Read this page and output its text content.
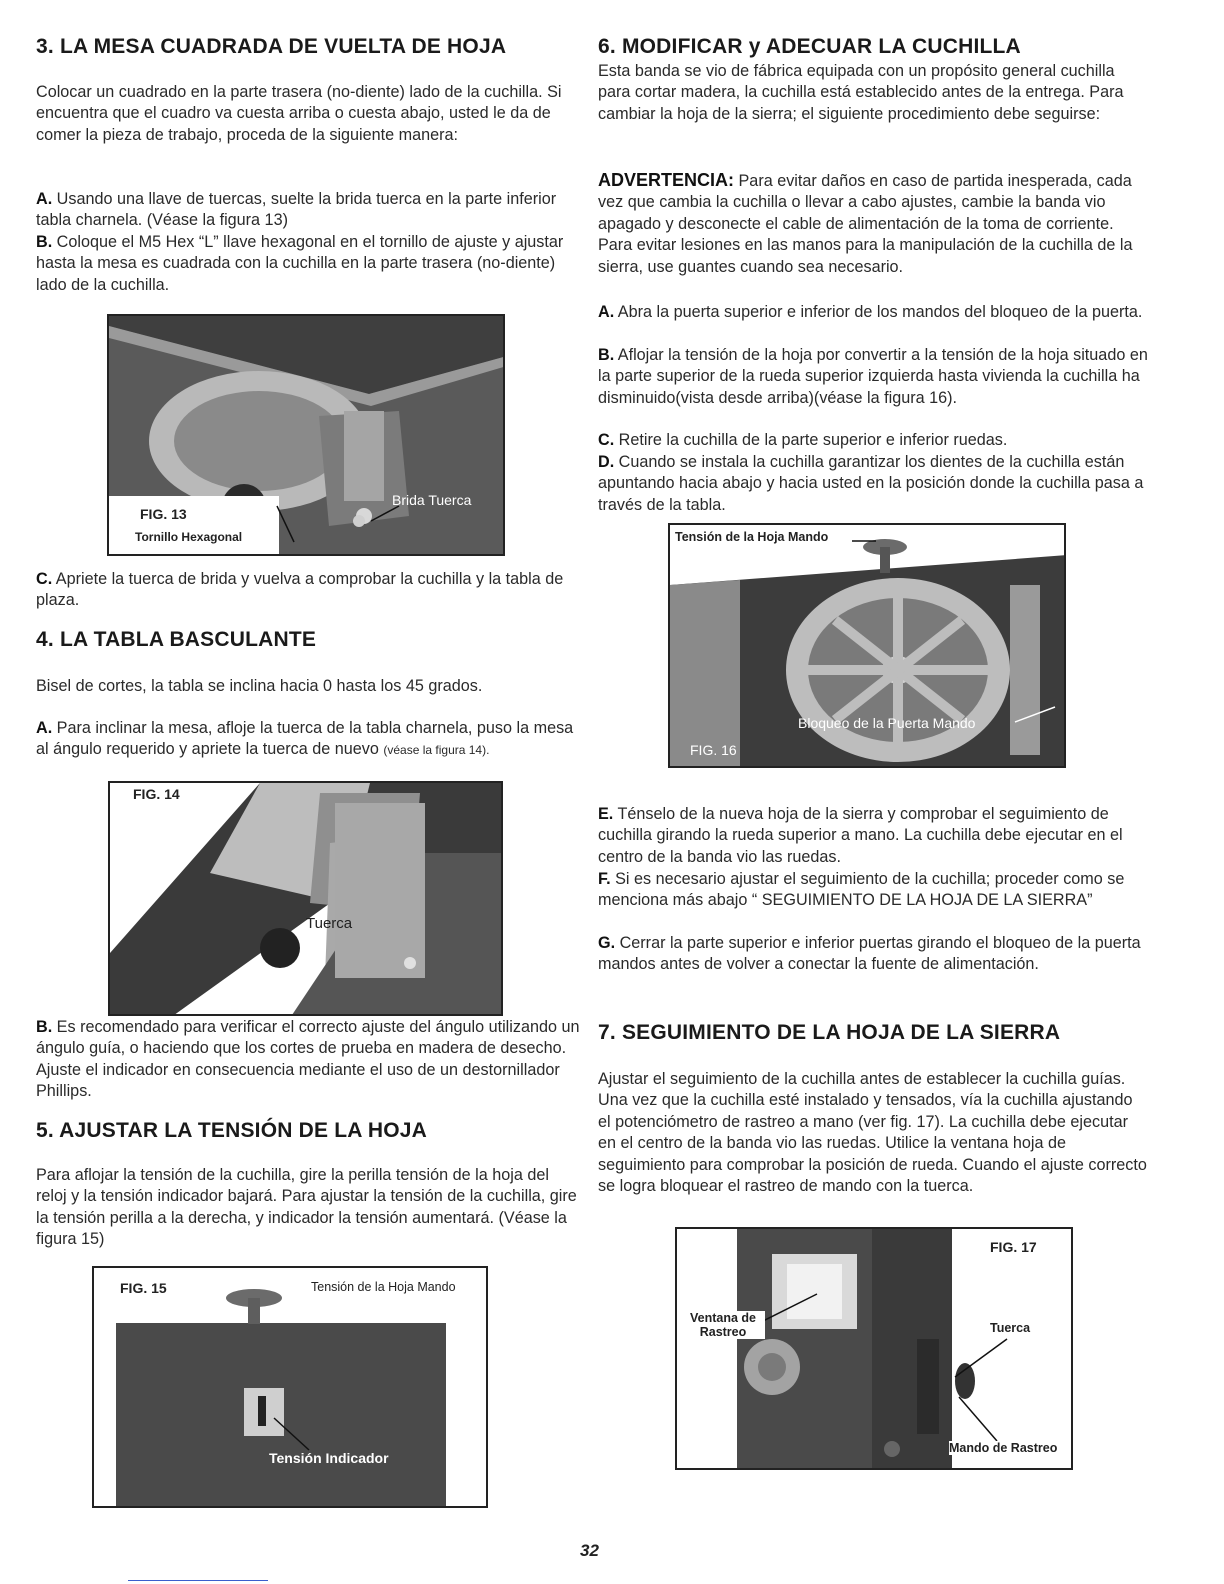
3. LA MESA CUADRADA DE VUELTA DE HOJA

Colocar un cuadrado en la parte trasera (no-diente) lado de la cuchilla. Si encuentra que el cuadro va cuesta arriba o cuesta abajo, usted le da de comer la pieza de trabajo, proceda de la siguiente manera:

A. Usando una llave de tuercas, suelte la brida tuerca en la parte inferior tabla charnela. (Véase la figura 13)

B. Coloque el M5 Hex “L” llave hexagonal en el tornillo de ajuste y ajustar hasta la mesa es cuadrada con la cuchilla en la parte trasera (no-diente) lado de la cuchilla.

FIG. 13
Brida Tuerca
Tornillo Hexagonal

C. Apriete la tuerca de brida y vuelva a comprobar la cuchilla y la tabla de plaza.

4. LA TABLA BASCULANTE

Bisel de cortes, la tabla se inclina hacia 0 hasta los 45 grados.

A. Para inclinar la mesa, afloje la tuerca de la tabla charnela, puso la mesa al ángulo requerido y apriete la tuerca de nuevo (véase la figura 14).

FIG. 14
Tuerca

B. Es recomendado para verificar el correcto ajuste del ángulo utilizando un ángulo guía, o haciendo que los cortes de prueba en madera de desecho. Ajuste el indicador en consecuencia mediante el uso de un destornillador Phillips.

5. AJUSTAR LA TENSIÓN DE LA HOJA

Para aflojar la tensión de la cuchilla, gire la perilla tensión de la hoja del reloj y la tensión indicador bajará. Para ajustar la tensión de la cuchilla, gire la tensión perilla a la derecha, y indicador la tensión aumentará. (Véase la figura 15)

FIG. 15	Tensión de la Hoja Mando
Tensión Indicador
6. MODIFICAR y ADECUAR LA CUCHILLA

Esta banda se vio de fábrica equipada con un propósito general cuchilla para cortar madera, la cuchilla está establecido antes de la entrega. Para cambiar la hoja de la sierra; el siguiente procedimiento debe seguirse:

ADVERTENCIA: Para evitar daños en caso de partida inesperada, cada vez que cambia la cuchilla o llevar a cabo ajustes, cambie la banda vio apagado y desconecte el cable de alimentación de la toma de corriente. Para evitar lesiones en las manos para la manipulación de la cuchilla de la sierra, use guantes cuando sea necesario.

A. Abra la puerta superior e inferior de los mandos del bloqueo de la puerta.

B. Aflojar la tensión de la hoja por convertir a la tensión de la hoja situado en la parte superior de la rueda superior izquierda hasta vivienda la cuchilla ha disminuido(vista desde arriba)(véase la figura 16).

C. Retire la cuchilla de la parte superior e inferior ruedas.

D. Cuando se instala la cuchilla garantizar los dientes de la cuchilla están apuntando hacia abajo y hacia usted en la posición donde la cuchilla pasa a través de la tabla.

Tensión de la Hoja Mando
Bloqueo de la Puerta Mando
FIG. 16

E. Ténselo de la nueva hoja de la sierra y comprobar el seguimiento de cuchilla girando la rueda superior a mano. La cuchilla debe ejecutar en el centro de la banda vio las ruedas.

F. Si es necesario ajustar el seguimiento de la cuchilla; proceder como se menciona más abajo “ SEGUIMIENTO DE LA HOJA DE LA SIERRA”

G. Cerrar la parte superior e inferior puertas girando el bloqueo de la puerta mandos antes de volver a conectar la fuente de alimentación.

7. SEGUIMIENTO DE LA HOJA DE LA SIERRA

Ajustar el seguimiento de la cuchilla antes de establecer la cuchilla guías. Una vez que la cuchilla esté instalado y tensados, vía la cuchilla ajustando el potenciómetro de rastreo a mano (ver fig. 17). La cuchilla debe ejecutar en el centro de la banda vio las ruedas. Utilice la ventana hoja de seguimiento para comprobar la posición de rueda. Cuando el ajuste correcto se logra bloquear el rastreo de mando con la tuerca.

FIG. 17
Ventana de Rastreo	Tuerca
Mando de Rastreo
32
